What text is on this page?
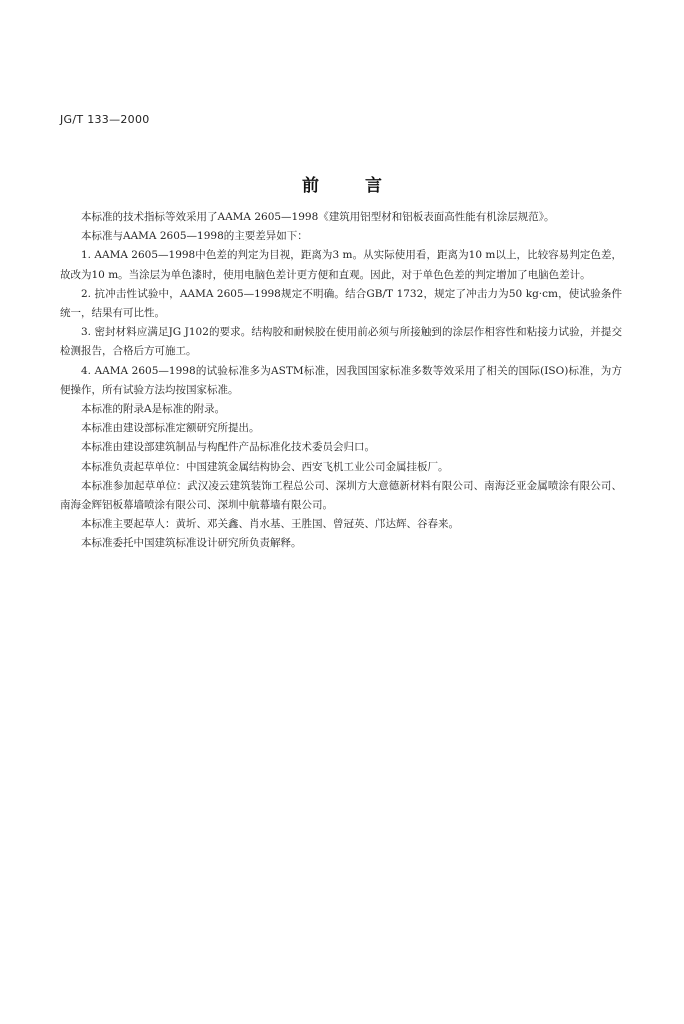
JG/T 133—2000
前言

本标准的技术指标等效采用了AAMA 2605—1998《建筑用铝型材和铝板表面高性能有机涂层规范》。

本标准与AAMA 2605—1998的主要差异如下：

1. AAMA 2605—1998中色差的判定为目视，距离为3 m。从实际使用看，距离为10 m以上，比较容易判定色差，故改为10 m。当涂层为单色漆时，使用电脑色差计更方便和直观。因此，对于单色色差的判定增加了电脑色差计。

2. 抗冲击性试验中，AAMA 2605—1998规定不明确。结合GB/T 1732，规定了冲击力为50 kg·cm，使试验条件统一，结果有可比性。

3. 密封材料应满足JG J102的要求。结构胶和耐候胶在使用前必须与所接触到的涂层作相容性和粘接力试验，并提交检测报告，合格后方可施工。

4. AAMA 2605—1998的试验标准多为ASTM标准，因我国国家标准多数等效采用了相关的国际(ISO)标准，为方便操作，所有试验方法均按国家标准。

本标准的附录A是标准的附录。

本标准由建设部标准定额研究所提出。

本标准由建设部建筑制品与构配件产品标准化技术委员会归口。

本标准负责起草单位：中国建筑金属结构协会、西安飞机工业公司金属挂板厂。

本标准参加起草单位：武汉凌云建筑装饰工程总公司、深圳方大意德新材料有限公司、南海泛亚金属喷涂有限公司、南海金辉铝板幕墙喷涂有限公司、深圳中航幕墙有限公司。

本标准主要起草人：黄圻、邓关鑫、肖水基、王胜国、曾冠英、邝达辉、谷春来。

本标准委托中国建筑标准设计研究所负责解释。
